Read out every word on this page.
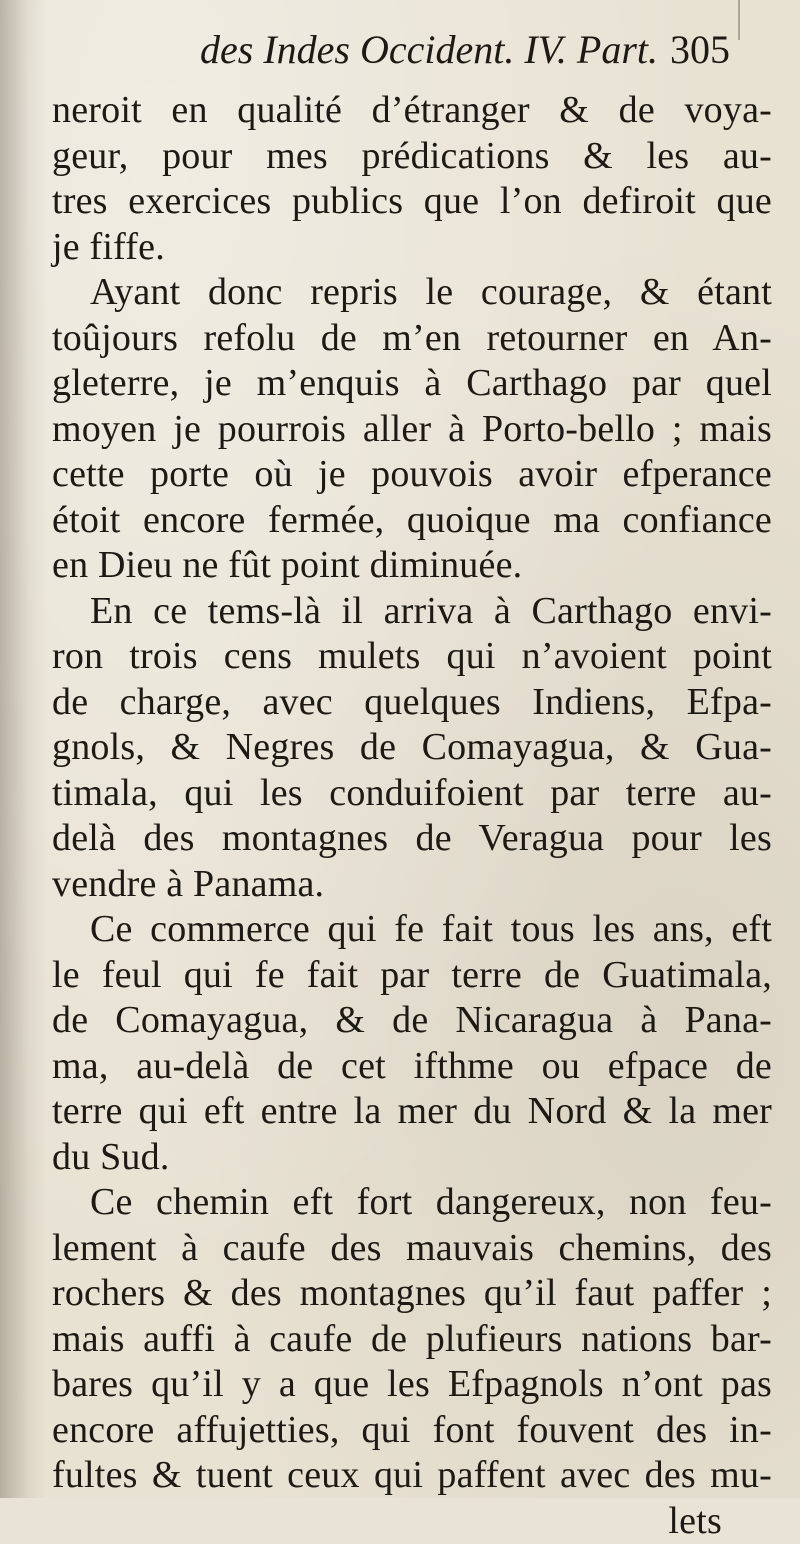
des Indes Occident. IV. Part. 305
neroit en qualité d’étranger & de voya-
geur, pour mes prédications & les au-
tres exercices publics que l’on defiroit que
je fiffe.
Ayant donc repris le courage, & étant
toûjours refolu de m’en retourner en An-
gleterre, je m’enquis à Carthago par quel
moyen je pourrois aller à Porto-bello ; mais
cette porte où je pouvois avoir efperance
étoit encore fermée, quoique ma confiance
en Dieu ne fût point diminuée.
En ce tems-là il arriva à Carthago envi-
ron trois cens mulets qui n’avoient point
de charge, avec quelques Indiens, Efpa-
gnols, & Negres de Comayagua, & Gua-
timala, qui les conduifoient par terre au-
delà des montagnes de Veragua pour les
vendre à Panama.
Ce commerce qui fe fait tous les ans, eft
le feul qui fe fait par terre de Guatimala,
de Comayagua, & de Nicaragua à Pana-
ma, au-delà de cet ifthme ou efpace de
terre qui eft entre la mer du Nord & la mer
du Sud.
Ce chemin eft fort dangereux, non feu-
lement à caufe des mauvais chemins, des
rochers & des montagnes qu’il faut paffer ;
mais auffi à caufe de plufieurs nations bar-
bares qu’il y a que les Efpagnols n’ont pas
encore affujetties, qui font fouvent des in-
fultes & tuent ceux qui paffent avec des mu-
lets
